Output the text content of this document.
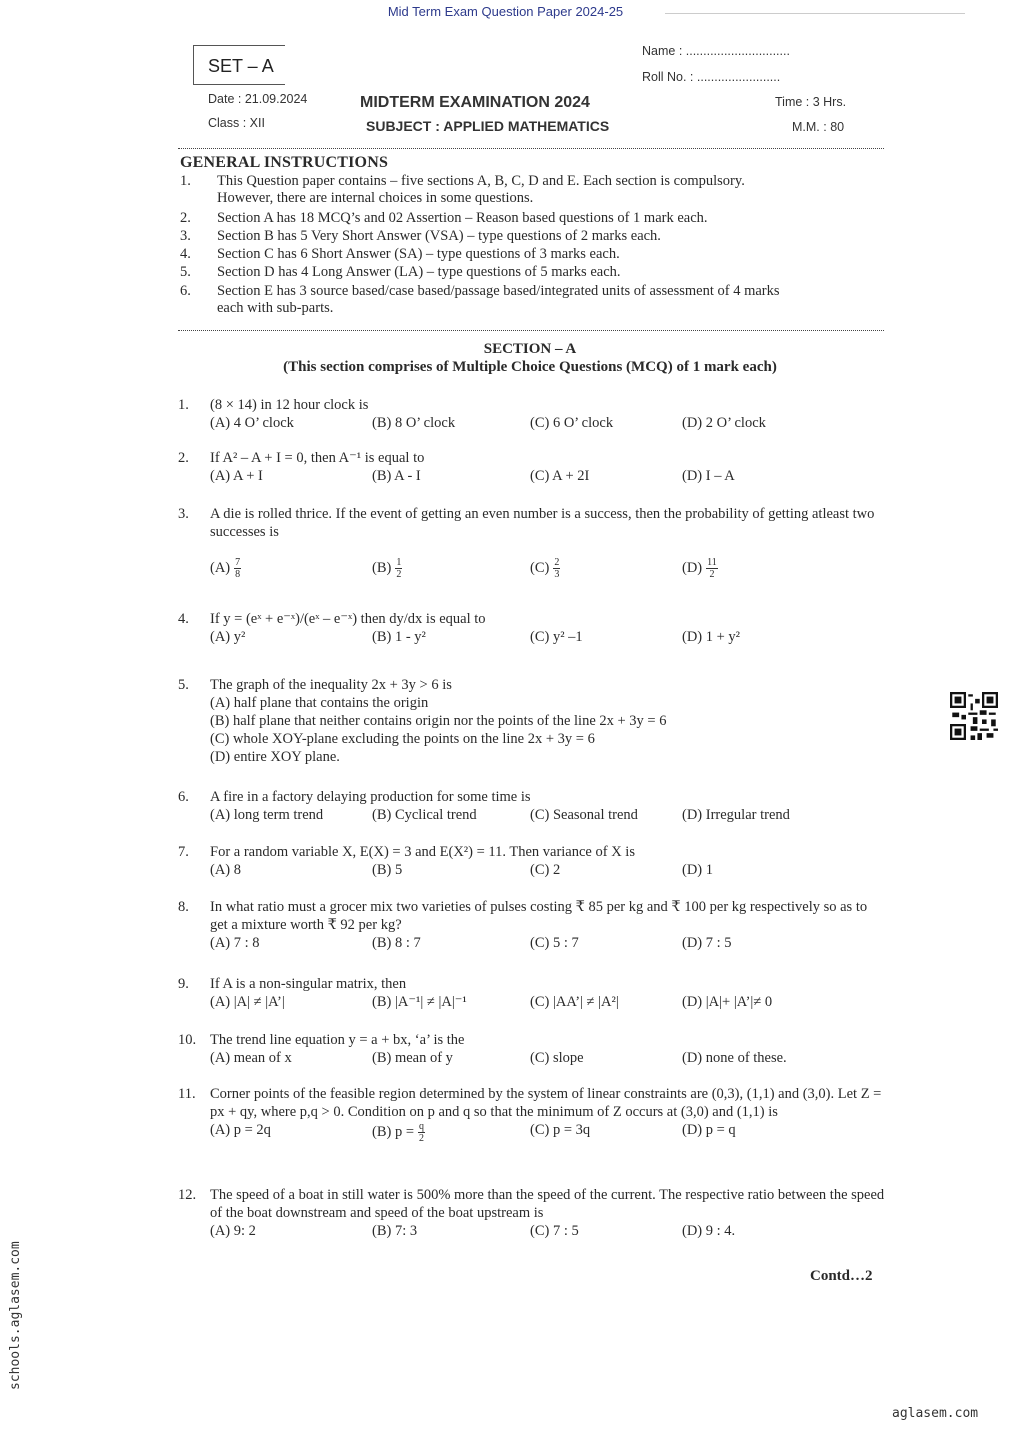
Mid Term Exam Question Paper 2024-25
SET – A
Name : ..............................
Roll No. : ........................
Date : 21.09.2024
Class : XII
MIDTERM EXAMINATION 2024
SUBJECT : APPLIED MATHEMATICS
Time : 3 Hrs.
M.M. : 80
GENERAL INSTRUCTIONS
1. This Question paper contains – five sections A, B, C, D and E. Each section is compulsory.
However, there are internal choices in some questions.
2. Section A has 18 MCQ’s and 02 Assertion – Reason based questions of 1 mark each.
3. Section B has 5 Very Short Answer (VSA) – type questions of 2 marks each.
4. Section C has 6 Short Answer (SA) – type questions of 3 marks each.
5. Section D has 4 Long Answer (LA) – type questions of 5 marks each.
6. Section E has 3 source based/case based/passage based/integrated units of assessment of 4 marks
each with sub-parts.
SECTION – A
(This section comprises of Multiple Choice Questions (MCQ) of 1 mark each)
1. (8 × 14) in 12 hour clock is
(A) 4 O’ clock	(B) 8 O’ clock	(C) 6 O’ clock	(D) 2 O’ clock
2. If A² – A + I = 0, then A⁻¹ is equal to
(A) A + I	(B) A - I	(C) A + 2I	(D) I – A
3. A die is rolled thrice. If the event of getting an even number is a success, then the probability of getting atleast two successes is
$(A) \frac{7}{8}$	$(B) \frac{1}{2}$	$(C) \frac{2}{3}$	$(D) \frac{11}{2}$
4. If y = (eˣ + e⁻ˣ)/(eˣ – e⁻ˣ) then dy/dx is equal to
(A) y²	(B) 1 - y²	(C) y² –1	(D) 1 + y²
5. The graph of the inequality 2x + 3y > 6 is
(A) half plane that contains the origin
(B) half plane that neither contains origin nor the points of the line 2x + 3y = 6
(C) whole XOY-plane excluding the points on the line 2x + 3y = 6
(D) entire XOY plane.
6. A fire in a factory delaying production for some time is
(A) long term trend	(B) Cyclical trend	(C) Seasonal trend	(D) Irregular trend
7. For a random variable X, E(X) = 3 and E(X²) = 11. Then variance of X is
(A) 8	(B) 5	(C) 2	(D) 1
8. In what ratio must a grocer mix two varieties of pulses costing ₹ 85 per kg and ₹ 100 per kg respectively so as to get a mixture worth ₹ 92 per kg?
(A) 7 : 8	(B) 8 : 7	(C) 5 : 7	(D) 7 : 5
9. If A is a non-singular matrix, then
(A) |A| ≠ |A’|	(B) |A⁻¹| ≠ |A|⁻¹	(C) |AA’| ≠ |A²|	(D) |A|+ |A’|≠ 0
10. The trend line equation y = a + bx, ‘a’ is the
(A) mean of x	(B) mean of y	(C) slope	(D) none of these.
11. Corner points of the feasible region determined by the system of linear constraints are (0,3), (1,1) and (3,0). Let Z = px + qy, where p,q > 0. Condition on p and q so that the minimum of Z occurs at (3,0) and (1,1) is
(A) p = 2q	(B) $p = \frac{q}{2}$	(C) p = 3q	(D) p = q
12. The speed of a boat in still water is 500% more than the speed of the current. The respective ratio between the speed of the boat downstream and speed of the boat upstream is
(A) 9: 2	(B) 7: 3	(C) 7 : 5	(D) 9 : 4.
Contd…2
schools.aglasem.com
aglasem.com
